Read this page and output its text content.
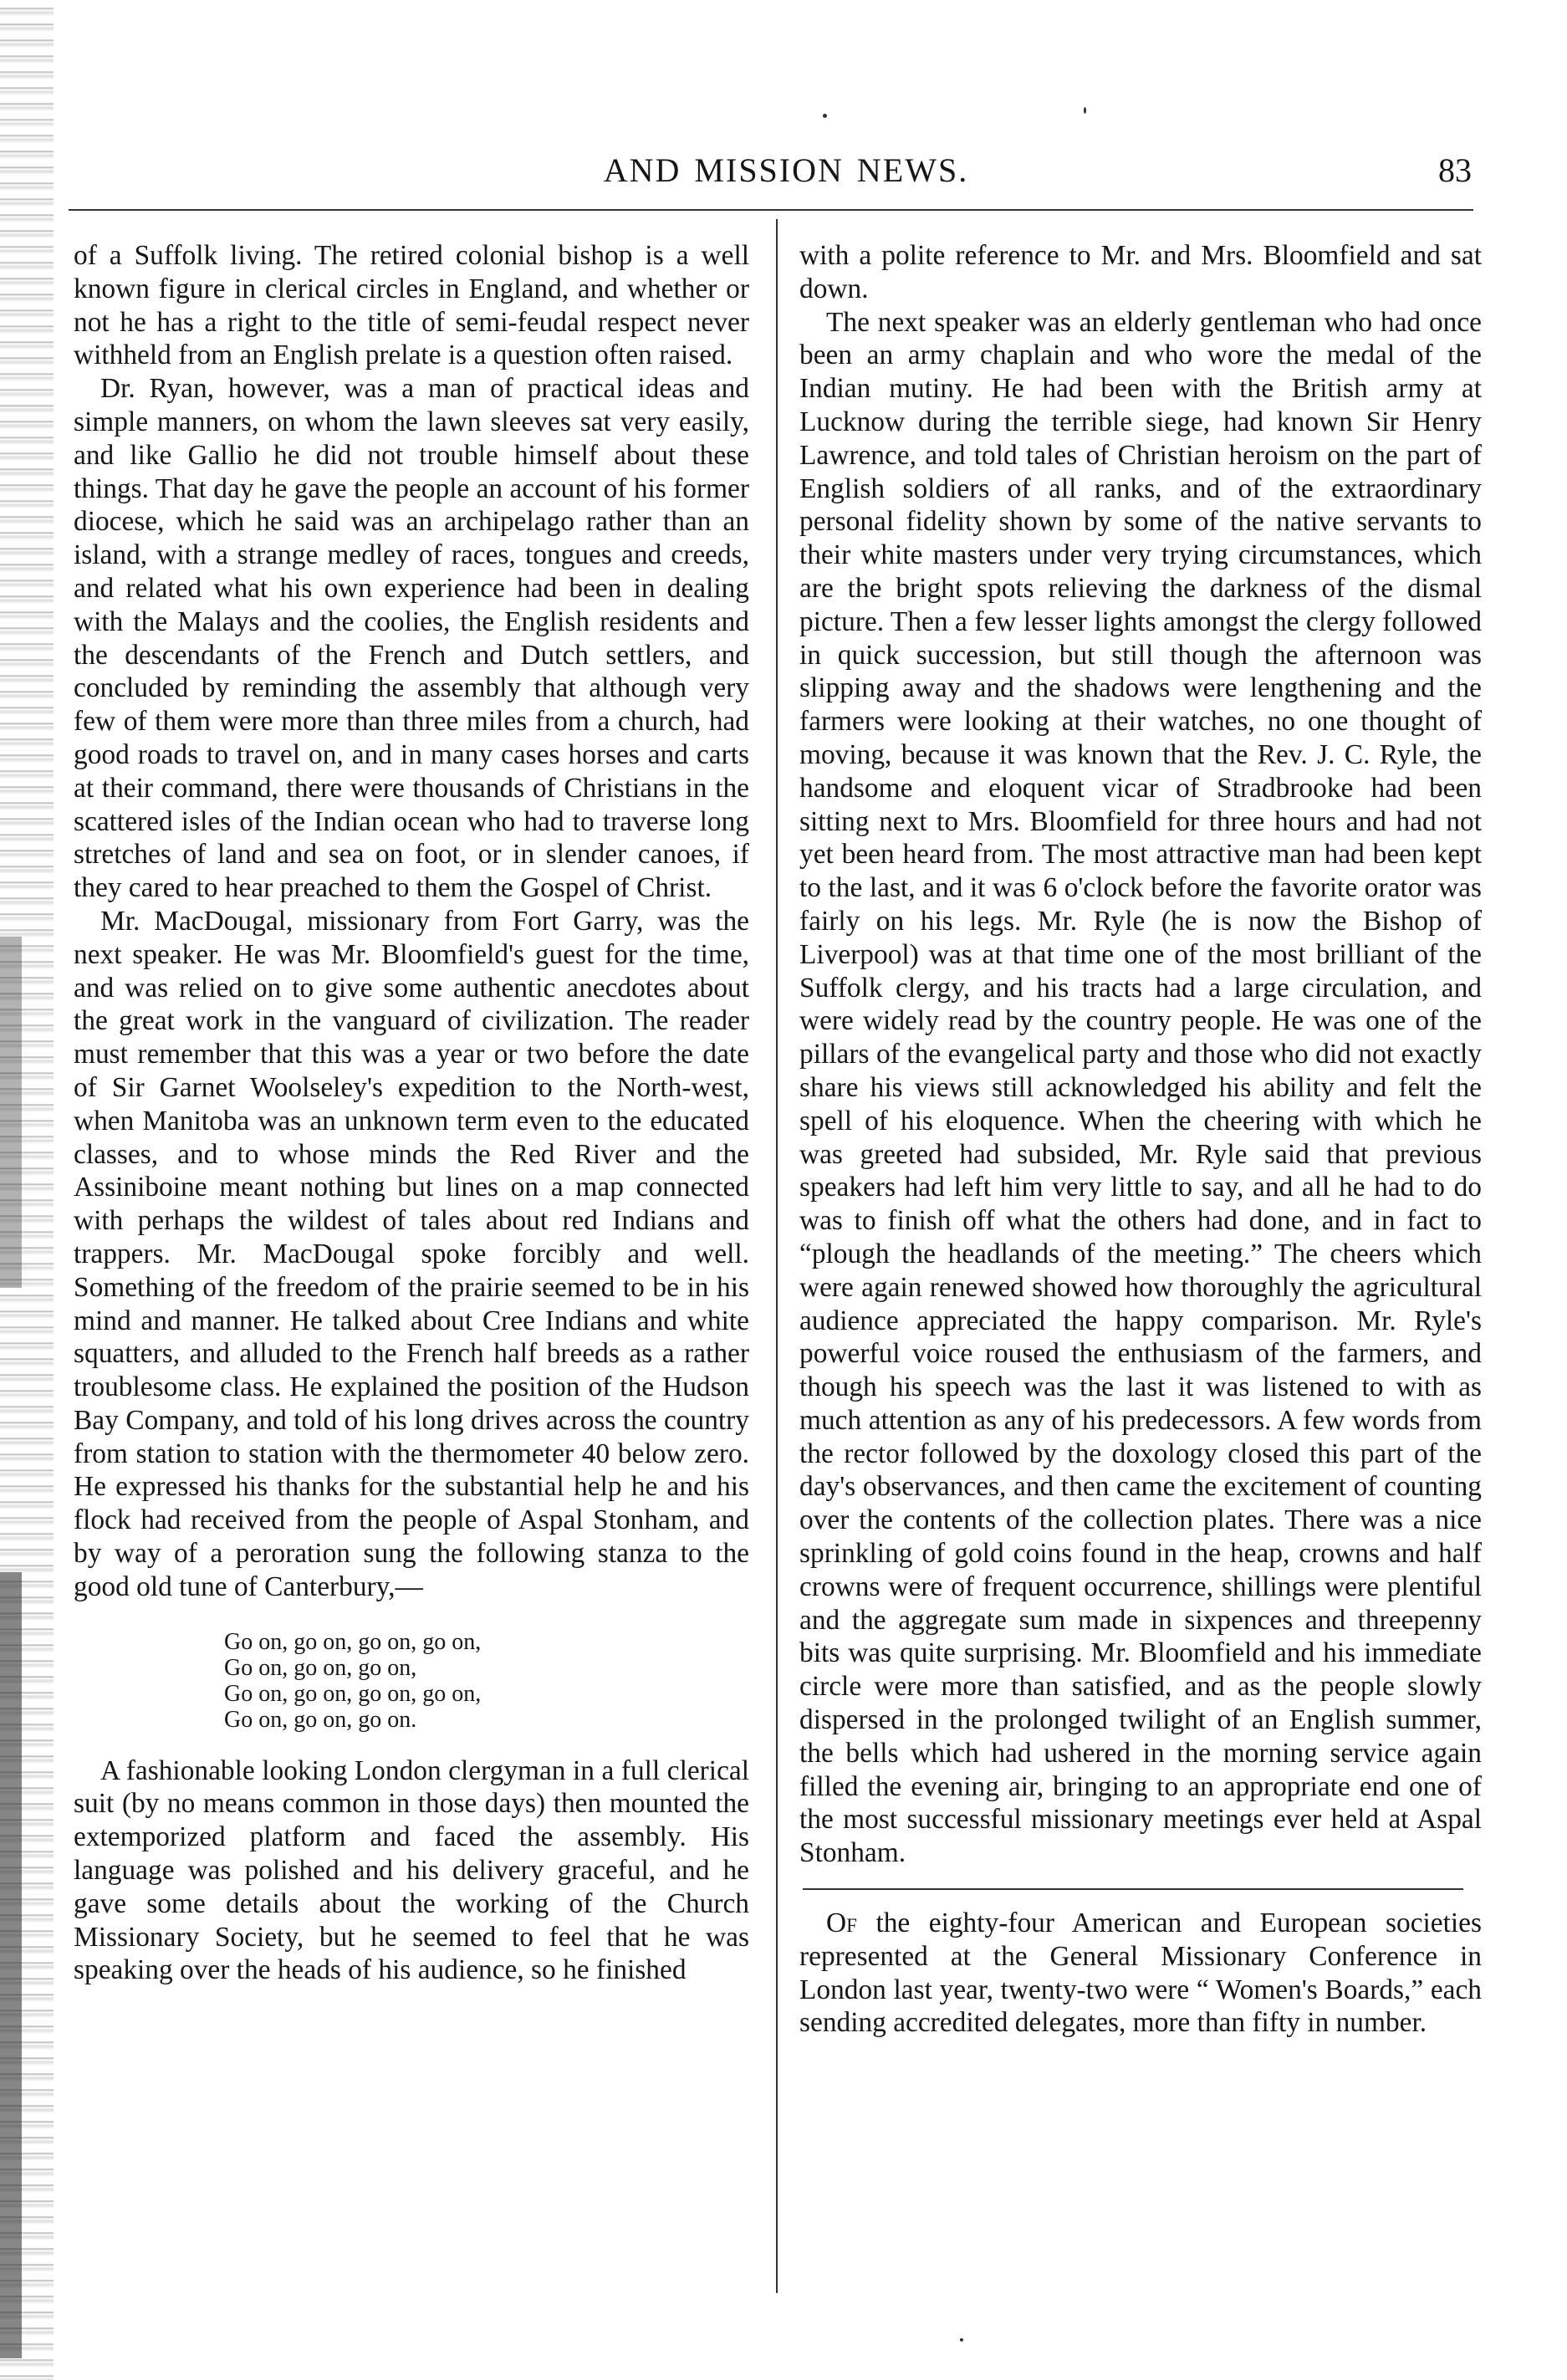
AND MISSION NEWS.	83

of a Suffolk living. The retired colonial bishop is a well known figure in clerical circles in England, and whether or not he has a right to the title of semi-feudal respect never withheld from an English prelate is a question often raised.

Dr. Ryan, however, was a man of practical ideas and simple manners, on whom the lawn sleeves sat very easily, and like Gallio he did not trouble himself about these things. That day he gave the people an account of his former diocese, which he said was an archipelago rather than an island, with a strange medley of races, tongues and creeds, and related what his own experience had been in dealing with the Malays and the coolies, the English residents and the descendants of the French and Dutch settlers, and concluded by reminding the assembly that although very few of them were more than three miles from a church, had good roads to travel on, and in many cases horses and carts at their command, there were thousands of Christians in the scattered isles of the Indian ocean who had to traverse long stretches of land and sea on foot, or in slender canoes, if they cared to hear preached to them the Gospel of Christ.

Mr. MacDougal, missionary from Fort Garry, was the next speaker. He was Mr. Bloomfield's guest for the time, and was relied on to give some authentic anecdotes about the great work in the vanguard of civilization. The reader must remember that this was a year or two before the date of Sir Garnet Woolseley's expedition to the North-west, when Manitoba was an unknown term even to the educated classes, and to whose minds the Red River and the Assiniboine meant nothing but lines on a map connected with perhaps the wildest of tales about red Indians and trappers. Mr. MacDougal spoke forcibly and well. Something of the freedom of the prairie seemed to be in his mind and manner. He talked about Cree Indians and white squatters, and alluded to the French half breeds as a rather troublesome class. He explained the position of the Hudson Bay Company, and told of his long drives across the country from station to station with the thermometer 40 below zero. He expressed his thanks for the substantial help he and his flock had received from the people of Aspal Stonham, and by way of a peroration sung the following stanza to the good old tune of Canterbury,—

Go on, go on, go on, go on,
Go on, go on, go on,
Go on, go on, go on, go on,
Go on, go on, go on.

A fashionable looking London clergyman in a full clerical suit (by no means common in those days) then mounted the extemporized platform and faced the assembly. His language was polished and his delivery graceful, and he gave some details about the working of the Church Missionary Society, but he seemed to feel that he was speaking over the heads of his audience, so he finished

with a polite reference to Mr. and Mrs. Bloomfield and sat down.

The next speaker was an elderly gentleman who had once been an army chaplain and who wore the medal of the Indian mutiny. He had been with the British army at Lucknow during the terrible siege, had known Sir Henry Lawrence, and told tales of Christian heroism on the part of English soldiers of all ranks, and of the extraordinary personal fidelity shown by some of the native servants to their white masters under very trying circumstances, which are the bright spots relieving the darkness of the dismal picture. Then a few lesser lights amongst the clergy followed in quick succession, but still though the afternoon was slipping away and the shadows were lengthening and the farmers were looking at their watches, no one thought of moving, because it was known that the Rev. J. C. Ryle, the handsome and eloquent vicar of Stradbrooke had been sitting next to Mrs. Bloomfield for three hours and had not yet been heard from. The most attractive man had been kept to the last, and it was 6 o'clock before the favorite orator was fairly on his legs. Mr. Ryle (he is now the Bishop of Liverpool) was at that time one of the most brilliant of the Suffolk clergy, and his tracts had a large circulation, and were widely read by the country people. He was one of the pillars of the evangelical party and those who did not exactly share his views still acknowledged his ability and felt the spell of his eloquence. When the cheering with which he was greeted had subsided, Mr. Ryle said that previous speakers had left him very little to say, and all he had to do was to finish off what the others had done, and in fact to “plough the headlands of the meeting.” The cheers which were again renewed showed how thoroughly the agricultural audience appreciated the happy comparison. Mr. Ryle's powerful voice roused the enthusiasm of the farmers, and though his speech was the last it was listened to with as much attention as any of his predecessors. A few words from the rector followed by the doxology closed this part of the day's observances, and then came the excitement of counting over the contents of the collection plates. There was a nice sprinkling of gold coins found in the heap, crowns and half crowns were of frequent occurrence, shillings were plentiful and the aggregate sum made in sixpences and threepenny bits was quite surprising. Mr. Bloomfield and his immediate circle were more than satisfied, and as the people slowly dispersed in the prolonged twilight of an English summer, the bells which had ushered in the morning service again filled the evening air, bringing to an appropriate end one of the most successful missionary meetings ever held at Aspal Stonham.

Of the eighty-four American and European societies represented at the General Missionary Conference in London last year, twenty-two were “ Women's Boards,” each sending accredited delegates, more than fifty in number.
